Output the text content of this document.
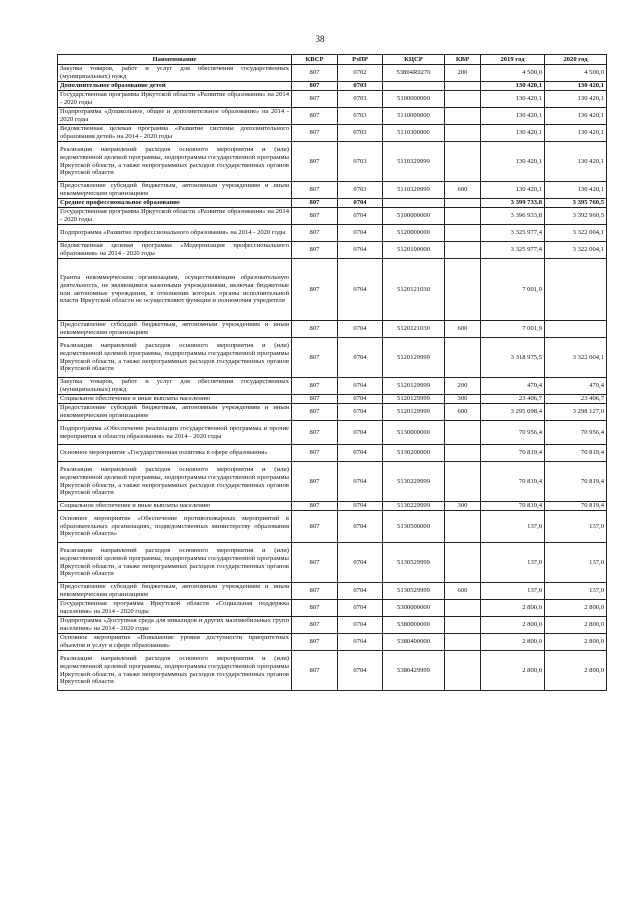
38
Наименование	КВСР	РзПР	КЦСР	КВР	2019 год	2020 год
Закупка товаров, работ и услуг для обеспечения государственных (муниципальных) нужд	807	0702	53804R0270	200	4 500,0	4 500,0
Дополнительное образование детей	807	0703			130 420,1	130 420,1
Государственная программа Иркутской области «Развитие образования» на 2014 - 2020 годы	807	0703	5100000000		130 420,1	130 420,1
Подпрограмма «Дошкольное, общее и дополнительное образование» на 2014 - 2020 годы	807	0703	5110000000		130 420,1	130 420,1
Ведомственная целевая программа «Развитие системы дополнительного образования детей» на 2014 - 2020 годы	807	0703	5110300000		130 420,1	130 420,1
Реализация направлений расходов основного мероприятия и (или) ведомственной целевой программы, подпрограммы государственной программы Иркутской области, а также непрограммных расходов государственных органов Иркутской области	807	0703	5110329999		130 420,1	130 420,1
Предоставление субсидий бюджетным, автономным учреждениям и иным некоммерческим организациям	807	0703	5110329999	600	130 420,1	130 420,1
Среднее профессиональное образование	807	0704			3 399 733,8	3 395 760,5
Государственная программа Иркутской области «Развитие образования» на 2014 - 2020 годы	807	0704	5100000000		3 396 933,8	3 392 960,5
Подпрограмма «Развитие профессионального образования» на 2014 - 2020 годы	807	0704	5120000000		3 325 977,4	3 322 004,1
Ведомственная целевая программа «Модернизация профессионального образования» на 2014 - 2020 годы	807	0704	5120100000		3 325 977,4	3 322 004,1
Гранты некоммерческим организациям, осуществляющим образовательную деятельность, не являющимся казенными учреждениями, включая бюджетные или автономные учреждения, в отношении которых органы исполнительной власти Иркутской области не осуществляют функции и полномочия учредителя	807	0704	5120121030		7 001,9	
Предоставление субсидий бюджетным, автономным учреждениям и иным некоммерческим организациям	807	0704	5120121030	600	7 001,9	
Реализация направлений расходов основного мероприятия и (или) ведомственной целевой программы, подпрограммы государственной программы Иркутской области, а также непрограммных расходов государственных органов Иркутской области	807	0704	5120129999		3 318 975,5	3 322 004,1
Закупка товаров, работ и услуг для обеспечения государственных (муниципальных) нужд	807	0704	5120129999	200	470,4	470,4
Социальное обеспечение и иные выплаты населению	807	0704	5120129999	300	23 406,7	23 406,7
Предоставление субсидий бюджетным, автономным учреждениям и иным некоммерческим организациям	807	0704	5120129999	600	3 295 098,4	3 298 127,0
Подпрограмма «Обеспечение реализации государственной программы и прочие мероприятия в области образования» на 2014 - 2020 годы	807	0704	5130000000		70 956,4	70 956,4
Основное мероприятие «Государственная политика в сфере образования»	807	0704	5130200000		70 819,4	70 819,4
Реализация направлений расходов основного мероприятия и (или) ведомственной целевой программы, подпрограммы государственной программы Иркутской области, а также непрограммных расходов государственных органов Иркутской области	807	0704	5130229999		70 819,4	70 819,4
Социальное обеспечение и иные выплаты населению	807	0704	5130229999	300	70 819,4	70 819,4
Основное мероприятие «Обеспечение противопожарных мероприятий в образовательных организациях, подведомственных министерству образования Иркутской области»	807	0704	5130500000		137,0	137,0
Реализация направлений расходов основного мероприятия и (или) ведомственной целевой программы, подпрограммы государственной программы Иркутской области, а также непрограммных расходов государственных органов Иркутской области	807	0704	5130529999		137,0	137,0
Предоставление субсидий бюджетным, автономным учреждениям и иным некоммерческим организациям	807	0704	5130529999	600	137,0	137,0
Государственная программа Иркутской области «Социальная поддержка населения» на 2014 - 2020 годы	807	0704	5300000000		2 800,0	2 800,0
Подпрограмма «Доступная среда для инвалидов и других маломобильных групп населения» на 2014 - 2020 годы	807	0704	5380000000		2 800,0	2 800,0
Основное мероприятие «Повышение уровня доступности приоритетных объектов и услуг в сфере образования»	807	0704	5380400000		2 800,0	2 800,0
Реализация направлений расходов основного мероприятия и (или) ведомственной целевой программы, подпрограммы государственной программы Иркутской области, а также непрограммных расходов государственных органов Иркутской области	807	0704	5380429999		2 800,0	2 800,0
